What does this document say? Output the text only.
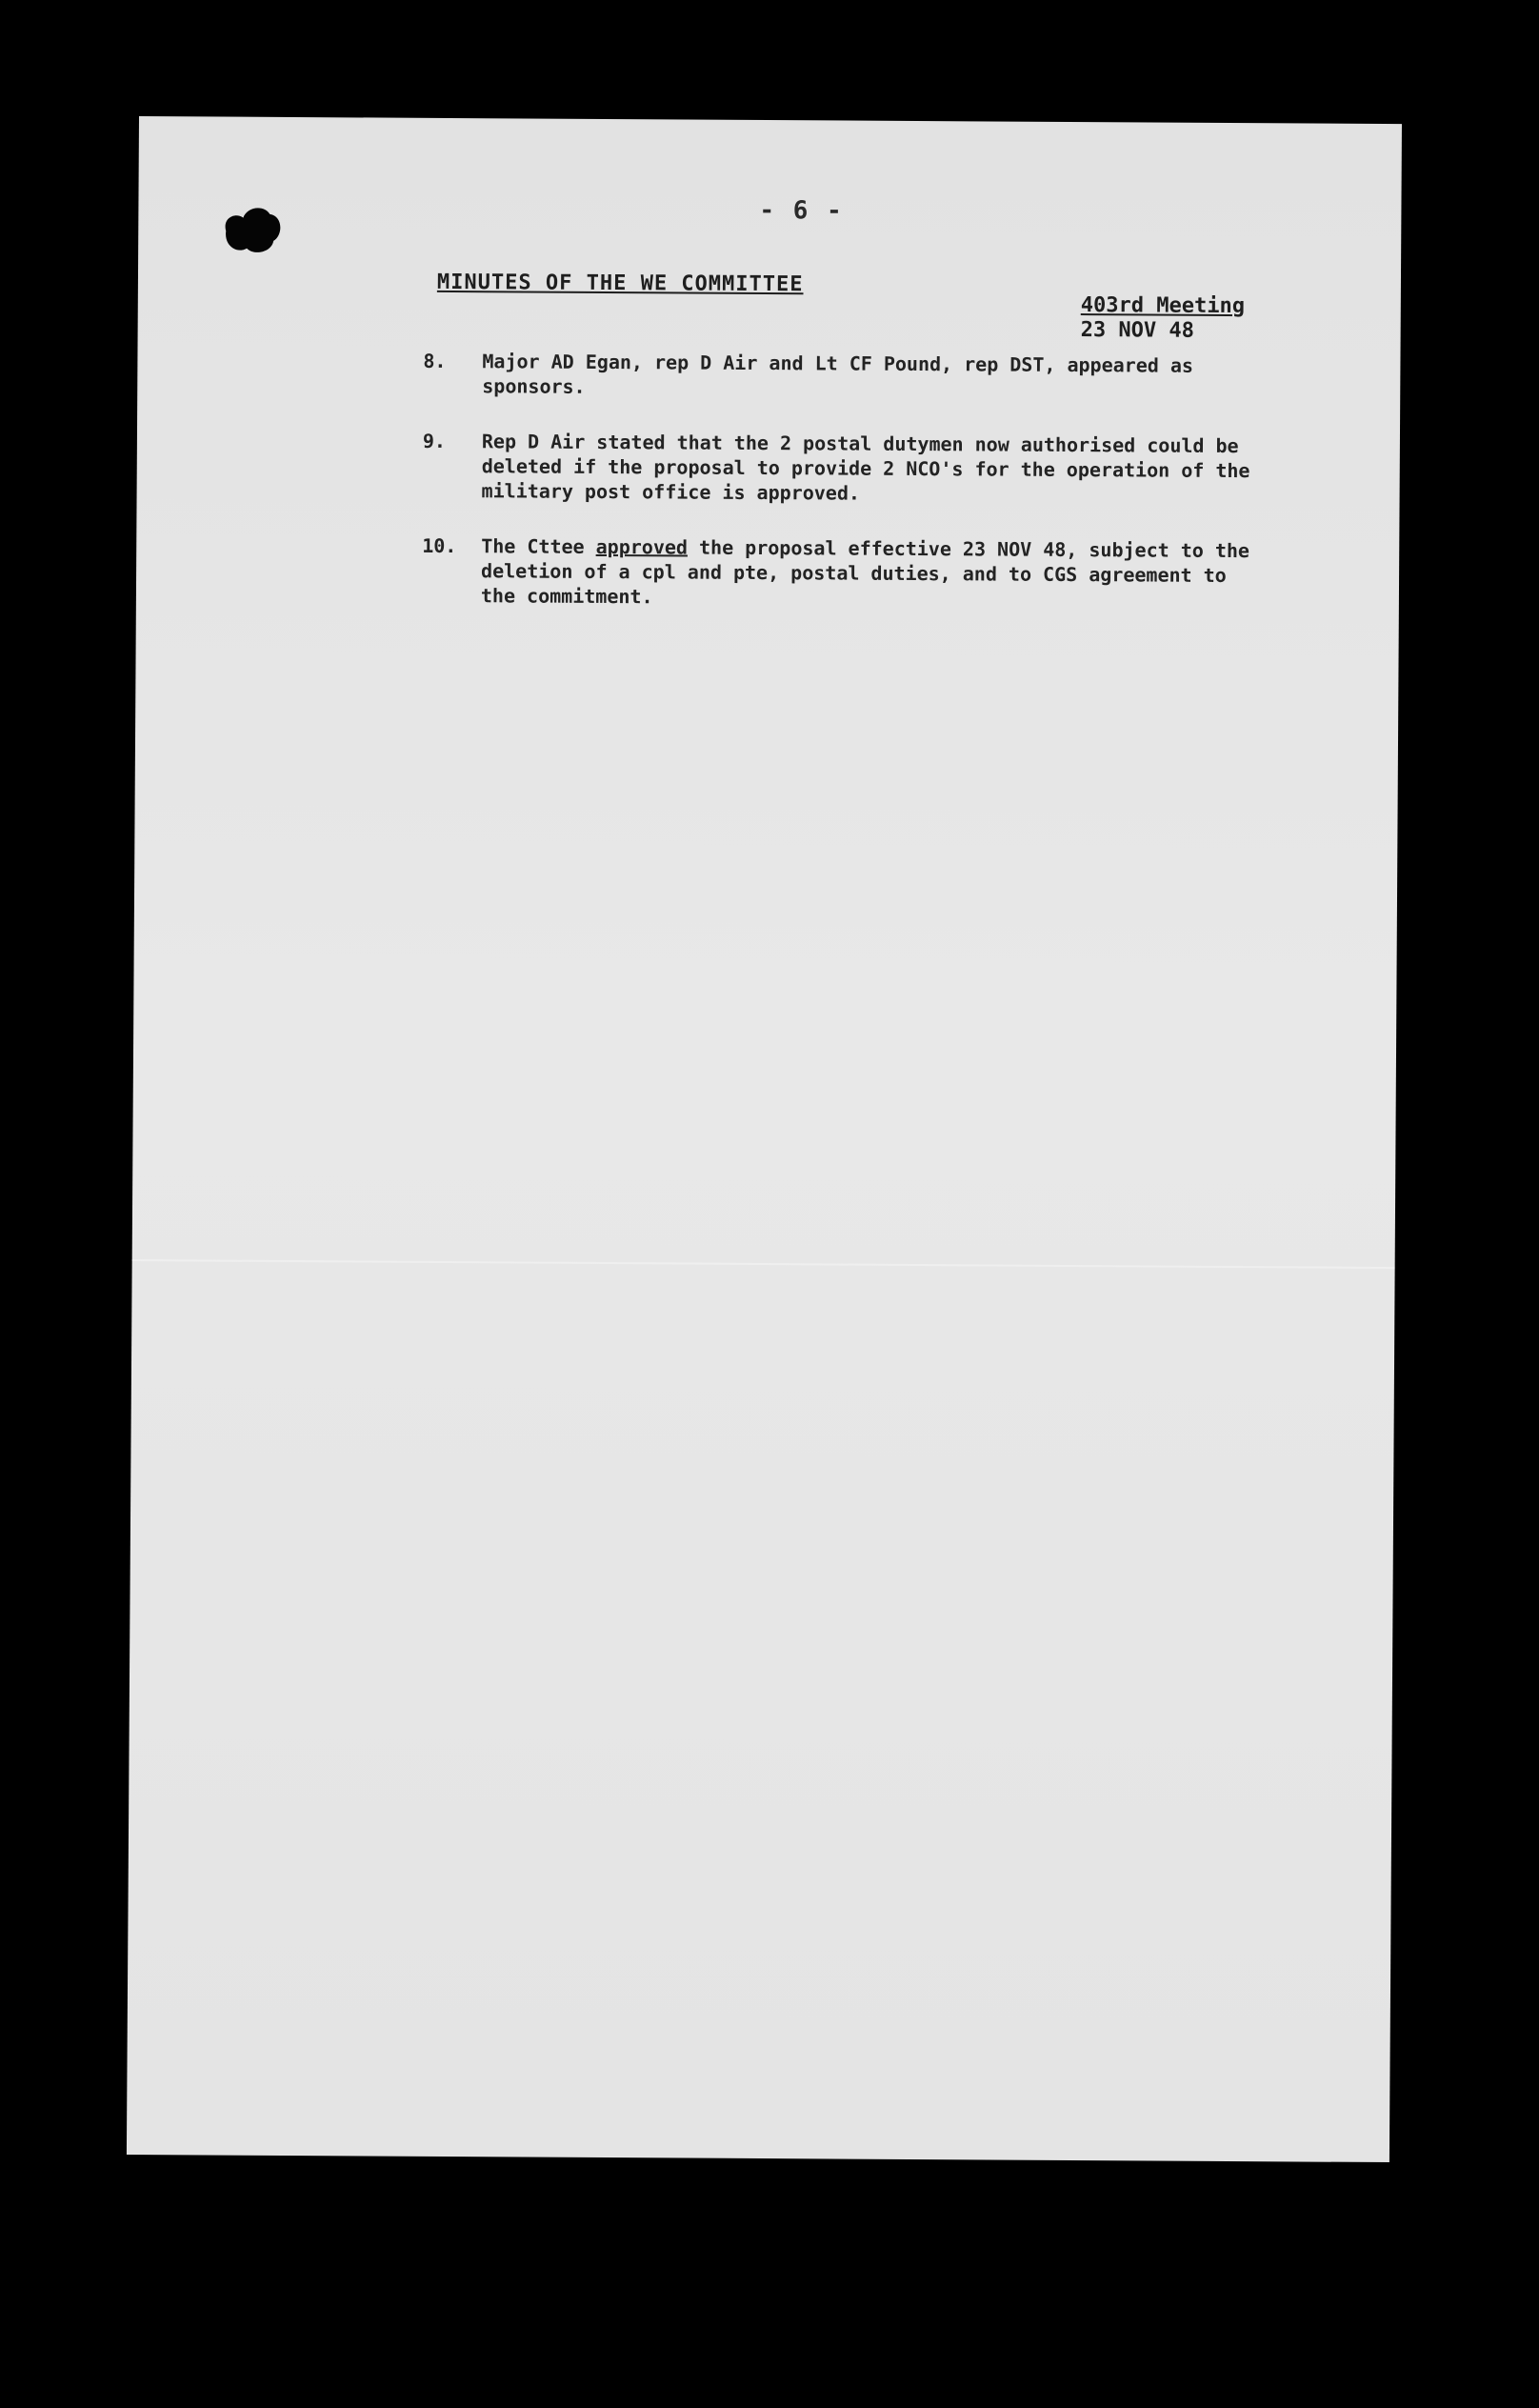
- 6 -
MINUTES OF THE WE COMMITTEE
403rd Meeting
23 NOV 48
8.	Major AD Egan, rep D Air and Lt CF Pound, rep DST, appeared as sponsors.
9.	Rep D Air stated that the 2 postal dutymen now authorised could be deleted if the proposal to provide 2 NCO's for the operation of the military post office is approved.
10.	The Cttee approved the proposal effective 23 NOV 48, subject to the deletion of a cpl and pte, postal duties, and to CGS agreement to the commitment.
